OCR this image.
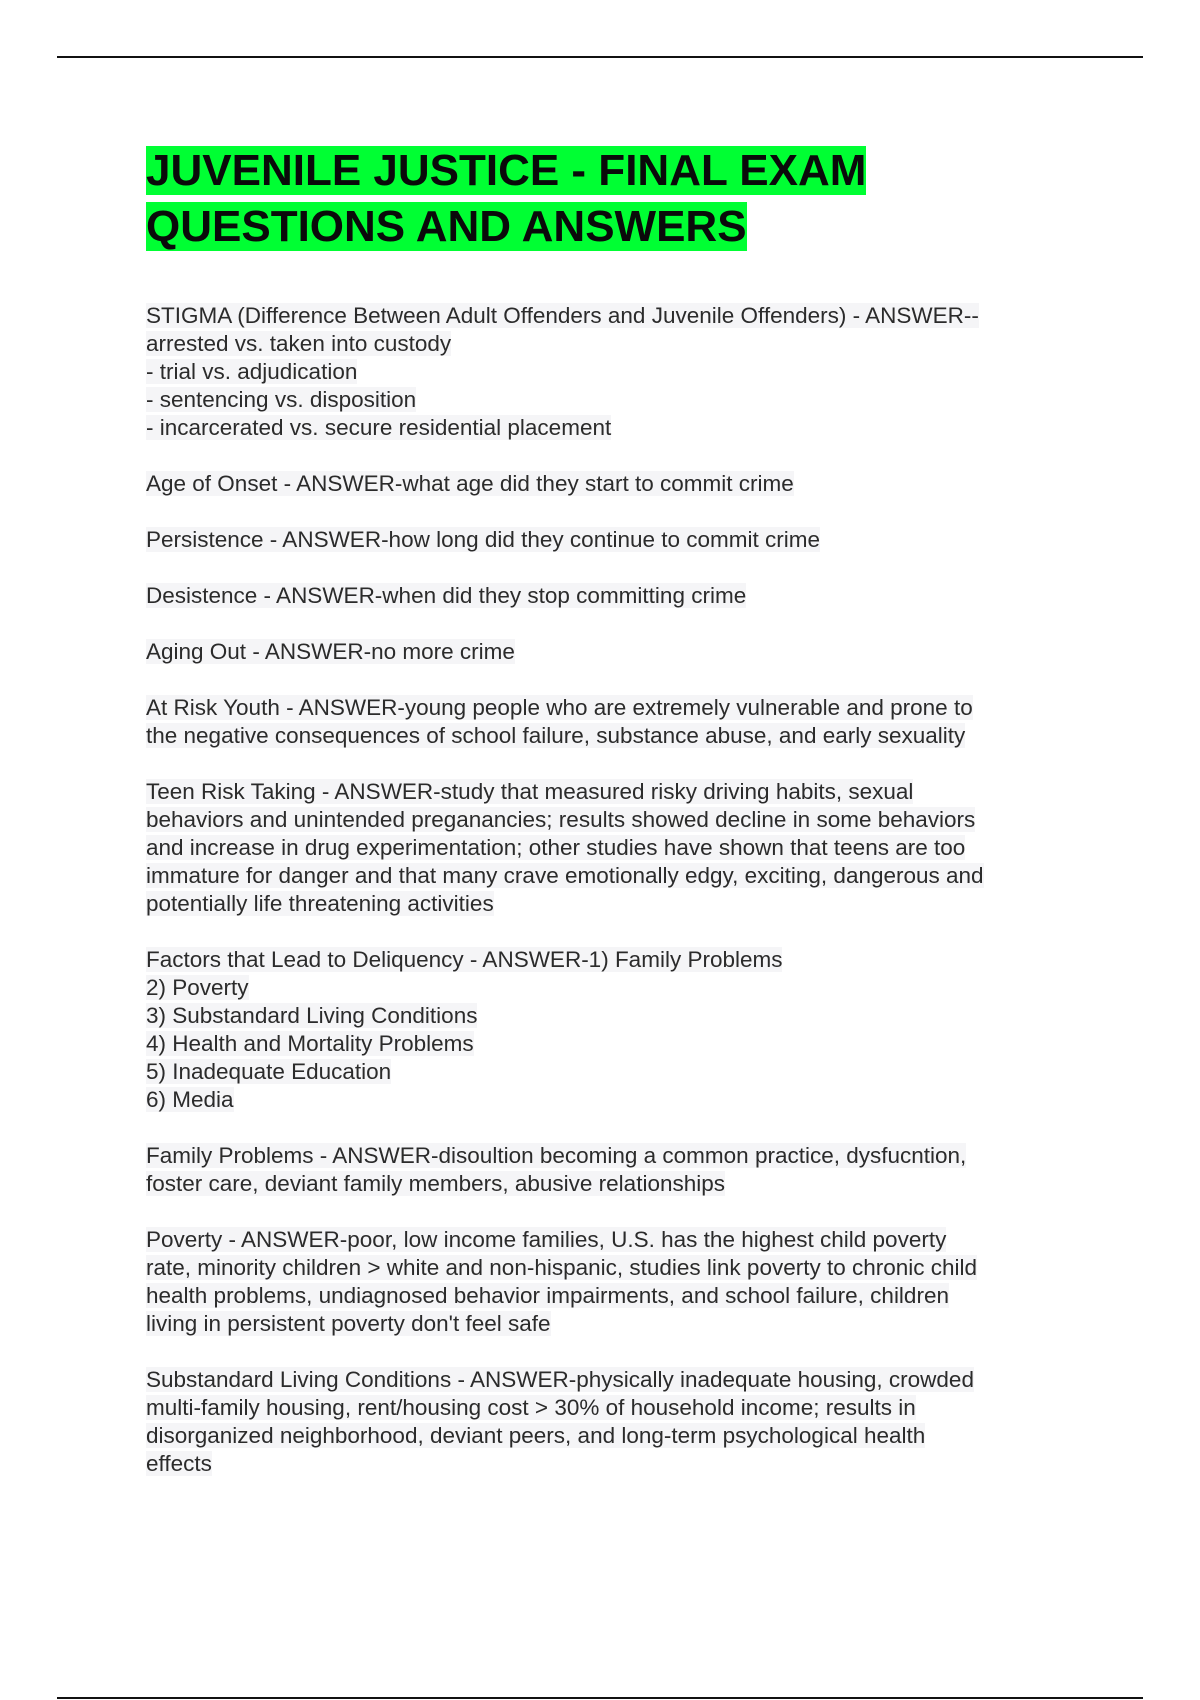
JUVENILE JUSTICE - FINAL EXAM
QUESTIONS AND ANSWERS
STIGMA (Difference Between Adult Offenders and Juvenile Offenders) - ANSWER--
arrested vs. taken into custody
- trial vs. adjudication
- sentencing vs. disposition
- incarcerated vs. secure residential placement
Age of Onset - ANSWER-what age did they start to commit crime
Persistence - ANSWER-how long did they continue to commit crime
Desistence - ANSWER-when did they stop committing crime
Aging Out - ANSWER-no more crime
At Risk Youth - ANSWER-young people who are extremely vulnerable and prone to
the negative consequences of school failure, substance abuse, and early sexuality
Teen Risk Taking - ANSWER-study that measured risky driving habits, sexual
behaviors and unintended preganancies; results showed decline in some behaviors
and increase in drug experimentation; other studies have shown that teens are too
immature for danger and that many crave emotionally edgy, exciting, dangerous and
potentially life threatening activities
Factors that Lead to Deliquency - ANSWER-1) Family Problems
2) Poverty
3) Substandard Living Conditions
4) Health and Mortality Problems
5) Inadequate Education
6) Media
Family Problems - ANSWER-disoultion becoming a common practice, dysfucntion,
foster care, deviant family members, abusive relationships
Poverty - ANSWER-poor, low income families, U.S. has the highest child poverty
rate, minority children > white and non-hispanic, studies link poverty to chronic child
health problems, undiagnosed behavior impairments, and school failure, children
living in persistent poverty don't feel safe
Substandard Living Conditions - ANSWER-physically inadequate housing, crowded
multi-family housing, rent/housing cost > 30% of household income; results in
disorganized neighborhood, deviant peers, and long-term psychological health
effects
